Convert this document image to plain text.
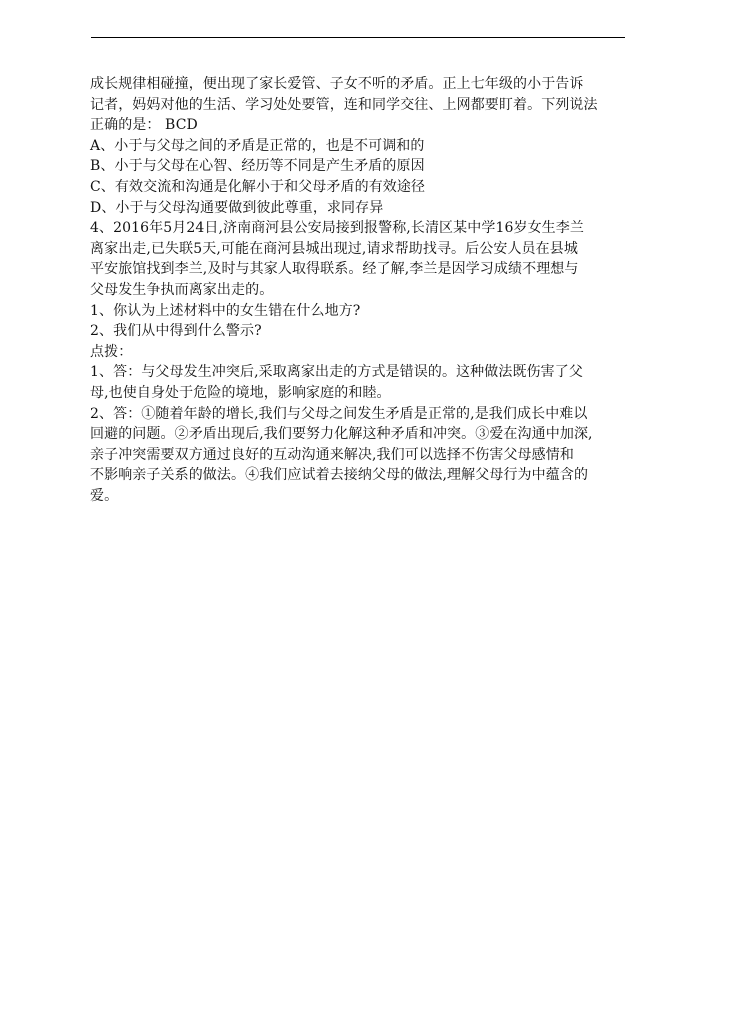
成长规律相碰撞，便出现了家长爱管、子女不听的矛盾。正上七年级的小于告诉
记者，妈妈对他的生活、学习处处要管，连和同学交往、上网都要盯着。下列说法
正确的是： BCD
A、小于与父母之间的矛盾是正常的，也是不可调和的
B、小于与父母在心智、经历等不同是产生矛盾的原因
C、有效交流和沟通是化解小于和父母矛盾的有效途径
D、小于与父母沟通要做到彼此尊重，求同存异
4、2016年5月24日,济南商河县公安局接到报警称,长清区某中学16岁女生李兰
离家出走,已失联5天,可能在商河县城出现过,请求帮助找寻。后公安人员在县城
平安旅馆找到李兰,及时与其家人取得联系。经了解,李兰是因学习成绩不理想与
父母发生争执而离家出走的。
1、你认为上述材料中的女生错在什么地方?
2、我们从中得到什么警示?
点拨：
1、答：与父母发生冲突后,采取离家出走的方式是错误的。这种做法既伤害了父
母,也使自身处于危险的境地，影响家庭的和睦。
2、答：①随着年龄的增长,我们与父母之间发生矛盾是正常的,是我们成长中难以
回避的问题。②矛盾出现后,我们要努力化解这种矛盾和冲突。③爱在沟通中加深,
亲子冲突需要双方通过良好的互动沟通来解决,我们可以选择不伤害父母感情和
不影响亲子关系的做法。④我们应试着去接纳父母的做法,理解父母行为中蕴含的
爱。
